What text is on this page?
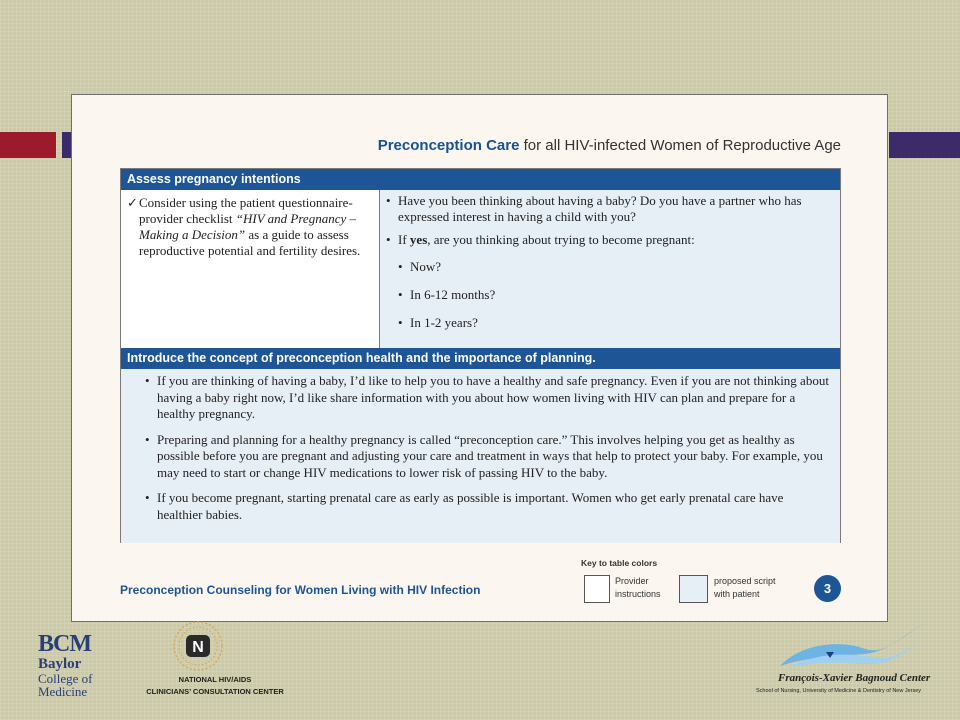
Preconception Care for all HIV-infected Women of Reproductive Age
Assess pregnancy intentions
✓ Consider using the patient questionnaire-provider checklist “HIV and Pregnancy – Making a Decision” as a guide to assess reproductive potential and fertility desires.
• Have you been thinking about having a baby? Do you have a partner who has expressed interest in having a child with you?
• If yes, are you thinking about trying to become pregnant:
• Now?
• In 6-12 months?
• In 1-2 years?
Introduce the concept of preconception health and the importance of planning.
• If you are thinking of having a baby, I’d like to help you to have a healthy and safe pregnancy. Even if you are not thinking about having a baby right now, I’d like share information with you about how women living with HIV can plan and prepare for a healthy pregnancy.
• Preparing and planning for a healthy pregnancy is called “preconception care.” This involves helping you get as healthy as possible before you are pregnant and adjusting your care and treatment in ways that help to protect your baby. For example, you may need to start or change HIV medications to lower risk of passing HIV to the baby.
• If you become pregnant, starting prenatal care as early as possible is important. Women who get early prenatal care have healthier babies.
Preconception Counseling for Women Living with HIV Infection
Key to table colors
Provider
instructions
proposed script
with patient	3
BCM
Baylor
College of
Medicine
N
NATIONAL HIV/AIDS
CLINICIANS’ CONSULTATION CENTER
François-Xavier Bagnoud Center
School of Nursing, University of Medicine & Dentistry of New Jersey
